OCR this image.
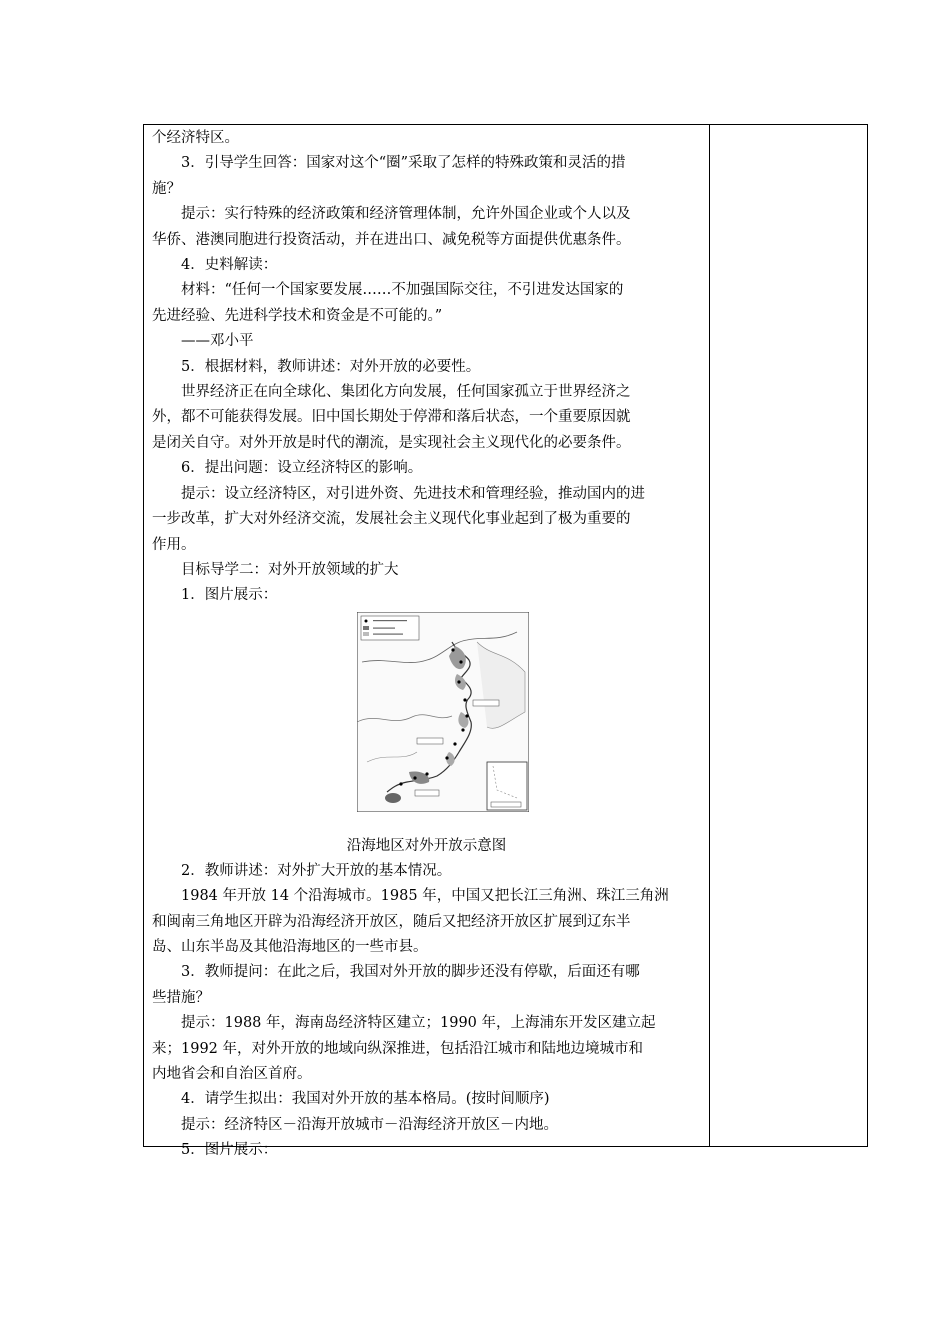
个经济特区。
3．引导学生回答：国家对这个“圈”采取了怎样的特殊政策和灵活的措
施？
提示：实行特殊的经济政策和经济管理体制，允许外国企业或个人以及
华侨、港澳同胞进行投资活动，并在进出口、减免税等方面提供优惠条件。
4．史料解读：
材料：“任何一个国家要发展……不加强国际交往，不引进发达国家的
先进经验、先进科学技术和资金是不可能的。”
——邓小平
5．根据材料，教师讲述：对外开放的必要性。
世界经济正在向全球化、集团化方向发展，任何国家孤立于世界经济之
外，都不可能获得发展。旧中国长期处于停滞和落后状态，一个重要原因就
是闭关自守。对外开放是时代的潮流，是实现社会主义现代化的必要条件。
6．提出问题：设立经济特区的影响。
提示：设立经济特区，对引进外资、先进技术和管理经验，推动国内的进
一步改革，扩大对外经济交流，发展社会主义现代化事业起到了极为重要的
作用。
目标导学二：对外开放领域的扩大
1．图片展示：
沿海地区对外开放示意图
2．教师讲述：对外扩大开放的基本情况。
1984 年开放 14 个沿海城市。1985 年，中国又把长江三角洲、珠江三角洲
和闽南三角地区开辟为沿海经济开放区，随后又把经济开放区扩展到辽东半
岛、山东半岛及其他沿海地区的一些市县。
3．教师提问：在此之后，我国对外开放的脚步还没有停歇，后面还有哪
些措施？
提示：1988 年，海南岛经济特区建立；1990 年，上海浦东开发区建立起
来；1992 年，对外开放的地域向纵深推进，包括沿江城市和陆地边境城市和
内地省会和自治区首府。
4．请学生拟出：我国对外开放的基本格局。(按时间顺序)
提示：经济特区－沿海开放城市－沿海经济开放区－内地。
5．图片展示：
